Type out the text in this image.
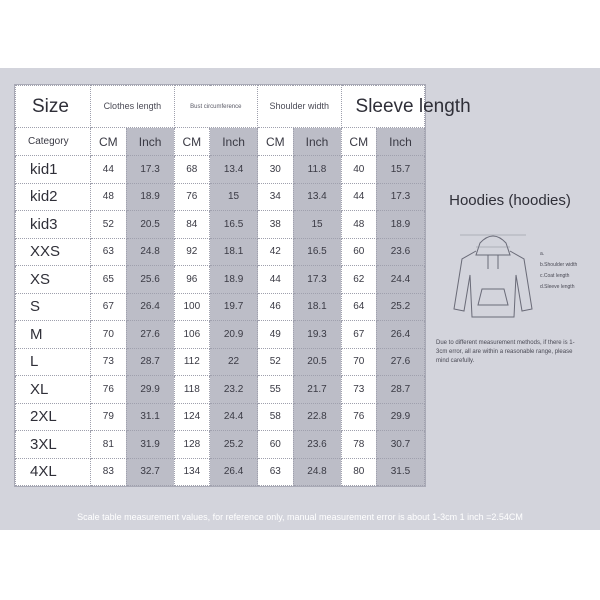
Size	Clothes length		Bust circumference		Shoulder width		Sleeve length	
Category	CM	Inch	CM	Inch	CM	Inch	CM	Inch
kid1	44	17.3	68	13.4	30	11.8	40	15.7
kid2	48	18.9	76	15	34	13.4	44	17.3
kid3	52	20.5	84	16.5	38	15	48	18.9
XXS	63	24.8	92	18.1	42	16.5	60	23.6
XS	65	25.6	96	18.9	44	17.3	62	24.4
S	67	26.4	100	19.7	46	18.1	64	25.2
M	70	27.6	106	20.9	49	19.3	67	26.4
L	73	28.7	112	22	52	20.5	70	27.6
XL	76	29.9	118	23.2	55	21.7	73	28.7
2XL	79	31.1	124	24.4	58	22.8	76	29.9
3XL	81	31.9	128	25.2	60	23.6	78	30.7
4XL	83	32.7	134	26.4	63	24.8	80	31.5
Hoodies (hoodies)
a.
b.Shoulder width
c.Coat length
d.Sleeve length
Due to different measurement methods, if there is 1-3cm error, all are within a reasonable range, please mind carefully.
Scale table measurement values, for reference only, manual measurement error is about 1-3cm 1 inch =2.54CM
